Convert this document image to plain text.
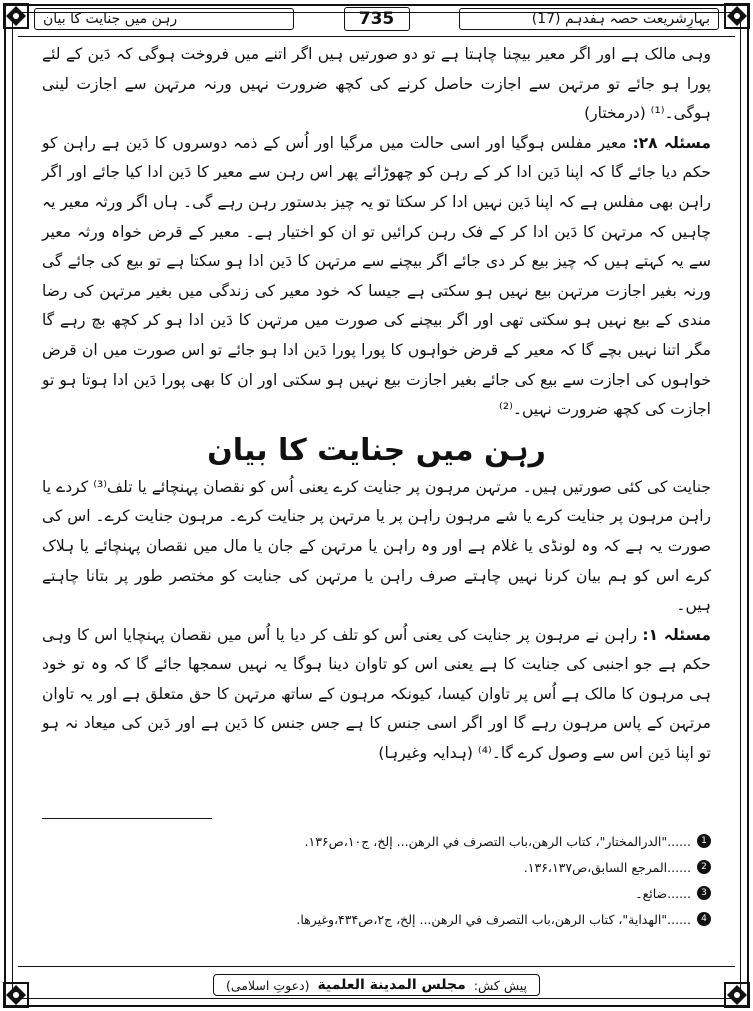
بہارِشریعت حصہ ہفدہم (17)
735
رہن میں جنایت کا بیان

وہی مالک ہے اور اگر معیر بیچنا چاہتا ہے تو دو صورتیں ہیں اگر اتنے میں فروخت ہوگی کہ دَین کے لئے پورا ہو جائے تو مرتہن سے اجازت حاصل کرنے کی کچھ ضرورت نہیں ورنہ مرتہن سے اجازت لینی ہوگی۔⁽¹⁾ (درمختار)

مسئلہ ۲۸: معیر مفلس ہوگیا اور اسی حالت میں مرگیا اور اُس کے ذمہ دوسروں کا دَین ہے راہن کو حکم دیا جائے گا کہ اپنا دَین ادا کر کے رہن کو چھوڑائے پھر اس رہن سے معیر کا دَین ادا کیا جائے اور اگر راہن بھی مفلس ہے کہ اپنا دَین نہیں ادا کر سکتا تو یہ چیز بدستور رہن رہے گی۔ ہاں اگر ورثہ معیر یہ چاہیں کہ مرتہن کا دَین ادا کر کے فک رہن کرائیں تو ان کو اختیار ہے۔ معیر کے قرض خواہ ورثہ معیر سے یہ کہتے ہیں کہ چیز بیع کر دی جائے اگر بیچنے سے مرتہن کا دَین ادا ہو سکتا ہے تو بیع کی جائے گی ورنہ بغیر اجازت مرتہن بیع نہیں ہو سکتی ہے جیسا کہ خود معیر کی زندگی میں بغیر مرتہن کی رضا مندی کے بیع نہیں ہو سکتی تھی اور اگر بیچنے کی صورت میں مرتہن کا دَین ادا ہو کر کچھ بچ رہے گا مگر اتنا نہیں بچے گا کہ معیر کے قرض خواہوں کا پورا پورا دَین ادا ہو جائے تو اس صورت میں ان قرض خواہوں کی اجازت سے بیع کی جائے بغیر اجازت بیع نہیں ہو سکتی اور ان کا بھی پورا دَین ادا ہوتا ہو تو اجازت کی کچھ ضرورت نہیں۔⁽²⁾

رہن میں جنایت کا بیان

جنایت کی کئی صورتیں ہیں۔ مرتہن مرہون پر جنایت کرے یعنی اُس کو نقصان پہنچائے یا تلف⁽³⁾ کردے یا راہن مرہون پر جنایت کرے یا شے مرہون راہن پر یا مرتہن پر جنایت کرے۔ مرہون جنایت کرے۔ اس کی صورت یہ ہے کہ وہ لونڈی یا غلام ہے اور وہ راہن یا مرتہن کے جان یا مال میں نقصان پہنچائے یا ہلاک کرے اس کو ہم بیان کرنا نہیں چاہتے صرف راہن یا مرتہن کی جنایت کو مختصر طور پر بتانا چاہتے ہیں۔

مسئلہ ۱: راہن نے مرہون پر جنایت کی یعنی اُس کو تلف کر دیا یا اُس میں نقصان پہنچایا اس کا وہی حکم ہے جو اجنبی کی جنایت کا ہے یعنی اس کو تاوان دینا ہوگا یہ نہیں سمجھا جائے گا کہ وہ تو خود ہی مرہون کا مالک ہے اُس پر تاوان کیسا، کیونکہ مرہون کے ساتھ مرتہن کا حق متعلق ہے اور یہ تاوان مرتہن کے پاس مرہون رہے گا اور اگر اسی جنس کا ہے جس جنس کا دَین ہے اور دَین کی میعاد نہ ہو تو اپنا دَین اس سے وصول کرے گا۔⁽⁴⁾ (ہدایہ وغیرہا)

1
......"الدرالمختار"، كتاب الرهن،باب التصرف في الرهن... إلخ، ج۱۰،ص۱۳۶.
2
......المرجع السابق،ص۱۳۶،۱۳۷.
3
......ضائع۔
4
......"الهداية"، كتاب الرهن،باب التصرف في الرهن... إلخ، ج۲،ص۴۳۴،وغيرها.
پیش کش:
مجلس المدينة العلمية
(دعوتِ اسلامی)
